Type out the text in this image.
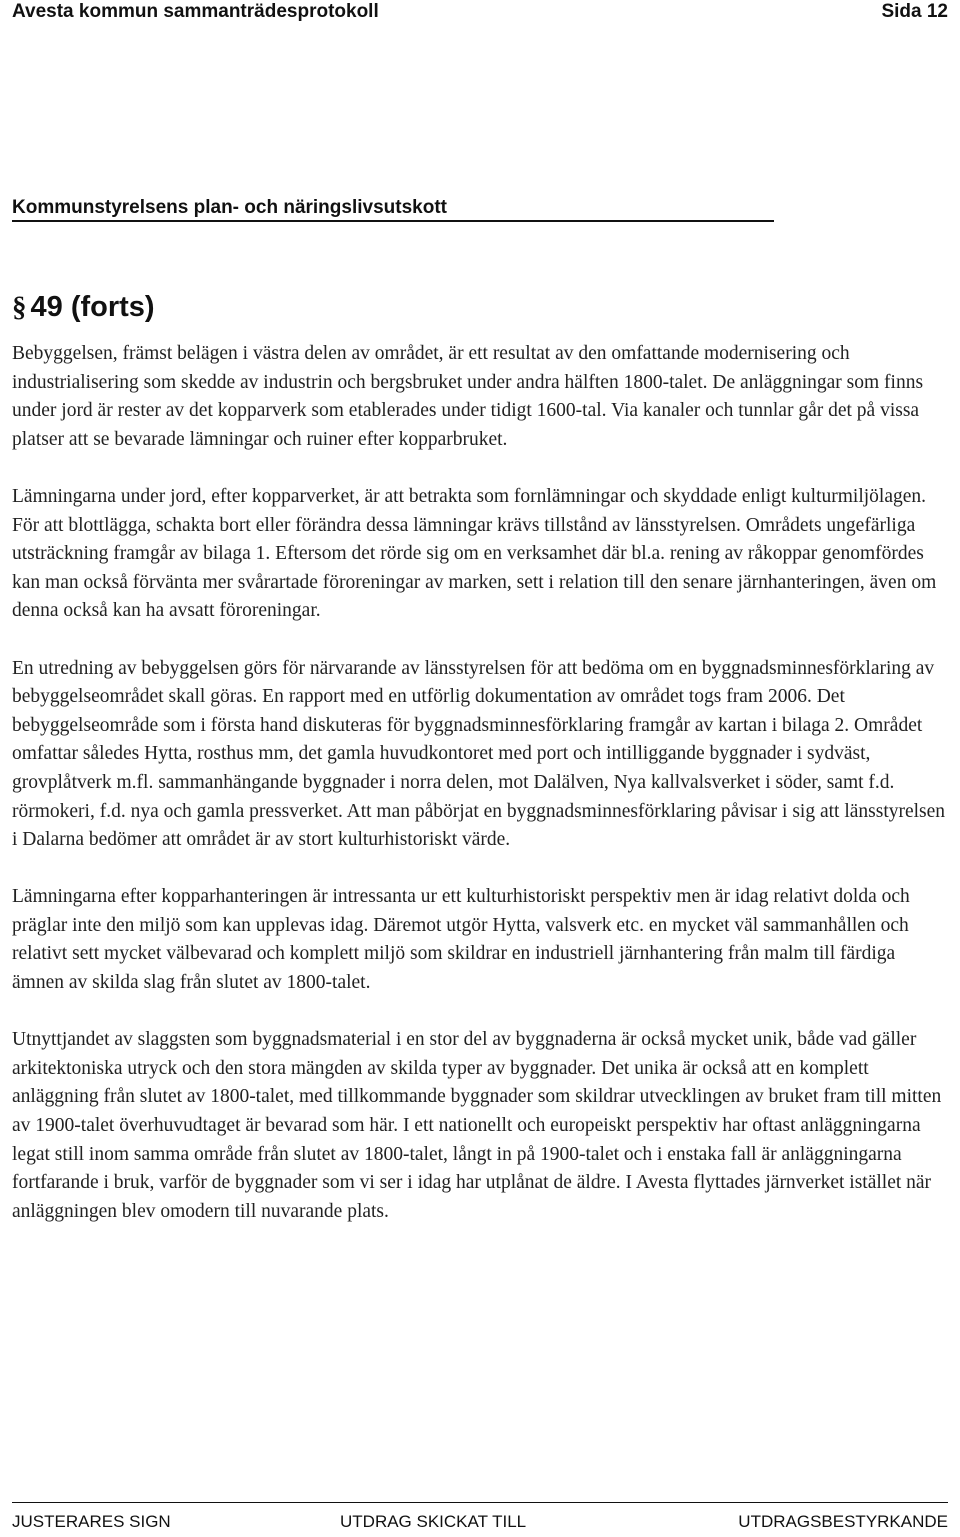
Avesta kommun sammanträdesprotokoll	Sida 12
Kommunstyrelsens plan- och näringslivsutskott
§ 49 (forts)

Bebyggelsen, främst belägen i västra delen av området, är ett resultat av den omfattande modernisering och industrialisering som skedde av industrin och bergsbruket under andra hälften 1800-talet. De anläggningar som finns under jord är rester av det kopparverk som etablerades under tidigt 1600-tal. Via kanaler och tunnlar går det på vissa platser att se bevarade lämningar och ruiner efter kopparbruket.

Lämningarna under jord, efter kopparverket, är att betrakta som fornlämningar och skyddade enligt kulturmiljölagen. För att blottlägga, schakta bort eller förändra dessa lämningar krävs tillstånd av länsstyrelsen. Områdets ungefärliga utsträckning framgår av bilaga 1. Eftersom det rörde sig om en verksamhet där bl.a. rening av råkoppar genomfördes kan man också förvänta mer svårartade föroreningar av marken, sett i relation till den senare järnhanteringen, även om denna också kan ha avsatt föroreningar.

En utredning av bebyggelsen görs för närvarande av länsstyrelsen för att bedöma om en byggnadsminnesförklaring av bebyggelseområdet skall göras. En rapport med en utförlig dokumentation av området togs fram 2006. Det bebyggelseområde som i första hand diskuteras för byggnadsminnesförklaring framgår av kartan i bilaga 2. Området omfattar således Hytta, rosthus mm, det gamla huvudkontoret med port och intilliggande byggnader i sydväst, grovplåtverk m.fl. sammanhängande byggnader i norra delen, mot Dalälven, Nya kallvalsverket i söder, samt f.d. rörmokeri, f.d. nya och gamla pressverket. Att man påbörjat en byggnadsminnesförklaring påvisar i sig att länsstyrelsen i Dalarna bedömer att området är av stort kulturhistoriskt värde.

Lämningarna efter kopparhanteringen är intressanta ur ett kulturhistoriskt perspektiv men är idag relativt dolda och präglar inte den miljö som kan upplevas idag. Däremot utgör Hytta, valsverk etc. en mycket väl sammanhållen och relativt sett mycket välbevarad och komplett miljö som skildrar en industriell järnhantering från malm till färdiga ämnen av skilda slag från slutet av 1800-talet.

Utnyttjandet av slaggsten som byggnadsmaterial i en stor del av byggnaderna är också mycket unik, både vad gäller arkitektoniska utryck och den stora mängden av skilda typer av byggnader. Det unika är också att en komplett anläggning från slutet av 1800-talet, med tillkommande byggnader som skildrar utvecklingen av bruket fram till mitten av 1900-talet överhuvudtaget är bevarad som här. I ett nationellt och europeiskt perspektiv har oftast anläggningarna legat still inom samma område från slutet av 1800-talet, långt in på 1900-talet och i enstaka fall är anläggningarna fortfarande i bruk, varför de byggnader som vi ser i idag har utplånat de äldre. I Avesta flyttades järnverket istället när anläggningen blev omodern till nuvarande plats.

JUSTERARES SIGN	UTDRAG SKICKAT TILL	UTDRAGSBESTYRKANDE
